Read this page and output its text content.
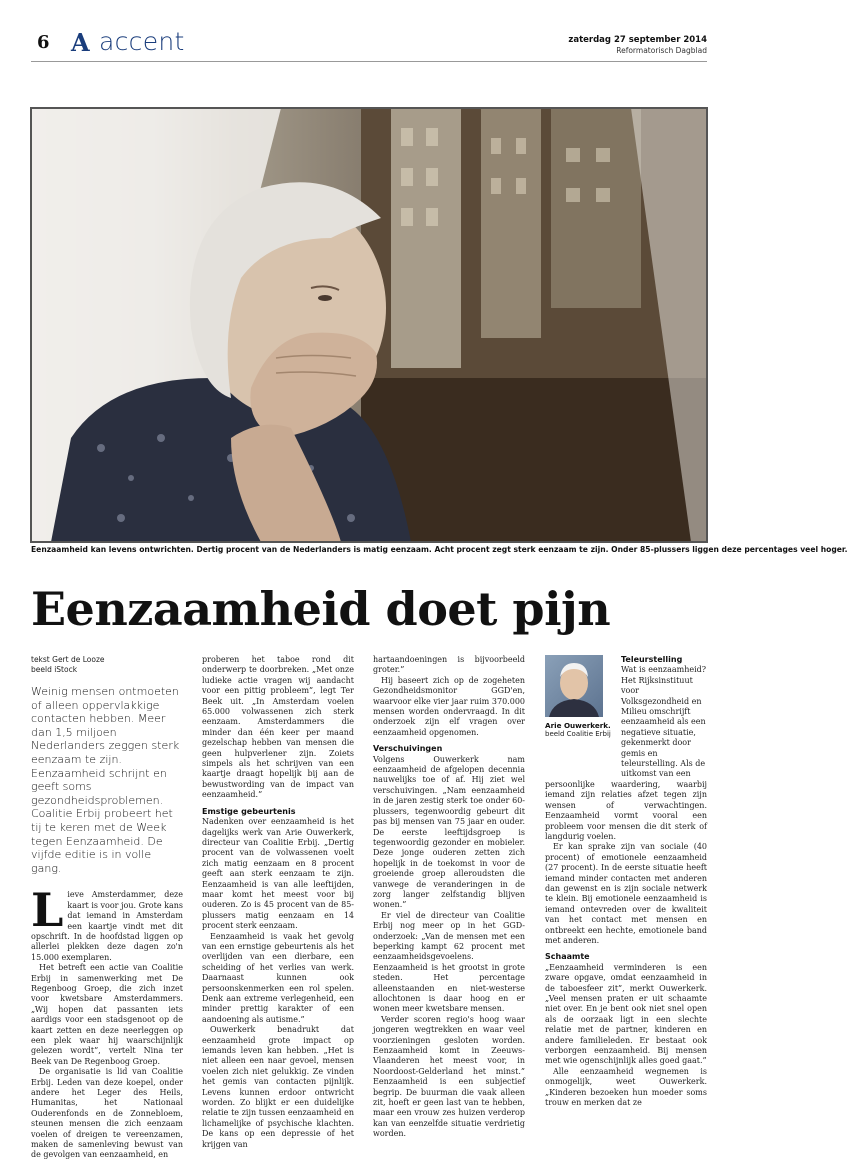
6 A accent	zaterdag 27 september 2014
Reformatorisch Dagblad
Eenzaamheid kan levens ontwrichten. Dertig procent van de Nederlanders is matig eenzaam. Acht procent zegt sterk eenzaam te zijn. Onder 85-plussers liggen deze percentages veel hoger.
Eenzaamheid doet pijn
tekst Gert de Looze
beeld iStock
Weinig mensen ontmoeten of alleen oppervlakkige contacten hebben. Meer dan 1,5 miljoen Nederlanders zeggen sterk eenzaam te zijn. Eenzaamheid schrijnt en geeft soms gezondheidsproblemen. Coalitie Erbij probeert het tij te keren met de Week tegen Eenzaamheid. De vijfde editie is in volle gang.

Lieve Amsterdammer, deze kaart is voor jou. Grote kans dat iemand in Amsterdam een kaartje vindt met dit opschrift. In de hoofdstad liggen op allerlei plekken deze dagen zo'n 15.000 exemplaren.

Het betreft een actie van Coalitie Erbij in samenwerking met De Regenboog Groep, die zich inzet voor kwetsbare Amsterdammers. „Wij hopen dat passanten iets aardigs voor een stadsgenoot op de kaart zetten en deze neerleggen op een plek waar hij waarschijnlijk gelezen wordt”, vertelt Nina ter Beek van De Regenboog Groep.

De organisatie is lid van Coalitie Erbij. Leden van deze koepel, onder andere het Leger des Heils, Humanitas, het Nationaal Ouderenfonds en de Zonnebloem, steunen mensen die zich eenzaam voelen of dreigen te vereenzamen, maken de samenleving bewust van de gevolgen van eenzaamheid, en

proberen het taboe rond dit onderwerp te doorbreken. „Met onze ludieke actie vragen wij aandacht voor een pittig probleem”, legt Ter Beek uit. „In Amsterdam voelen 65.000 volwassenen zich sterk eenzaam. Amsterdammers die minder dan één keer per maand gezelschap hebben van mensen die geen hulpverlener zijn. Zoiets simpels als het schrijven van een kaartje draagt hopelijk bij aan de bewustwording van de impact van eenzaamheid.”

Emstige gebeurtenis

Nadenken over eenzaamheid is het dagelijks werk van Arie Ouwerkerk, directeur van Coalitie Erbij. „Dertig procent van de volwassenen voelt zich matig eenzaam en 8 procent geeft aan sterk eenzaam te zijn. Eenzaamheid is van alle leeftijden, maar komt het meest voor bij ouderen. Zo is 45 procent van de 85-plussers matig eenzaam en 14 procent sterk eenzaam.

Eenzaamheid is vaak het gevolg van een ernstige gebeurtenis als het overlijden van een dierbare, een scheiding of het verlies van werk. Daarnaast kunnen ook persoonskenmerken een rol spelen. Denk aan extreme verlegenheid, een minder prettig karakter of een aandoening als autisme.”

Ouwerkerk benadrukt dat eenzaamheid grote impact op iemands leven kan hebben. „Het is niet alleen een naar gevoel, mensen voelen zich niet gelukkig. Ze vinden het gemis van contacten pijnlijk. Levens kunnen erdoor ontwricht worden. Zo blijkt er een duidelijke relatie te zijn tussen eenzaamheid en lichamelijke of psychische klachten. De kans op een depressie of het krijgen van

hartaandoeningen is bijvoorbeeld groter.”

Hij baseert zich op de zogeheten Gezondheidsmonitor GGD'en, waarvoor elke vier jaar ruim 370.000 mensen worden ondervraagd. In dit onderzoek zijn elf vragen over eenzaamheid opgenomen.

Verschuivingen

Volgens Ouwerkerk nam eenzaamheid de afgelopen decennia nauwelijks toe of af. Hij ziet wel verschuivingen. „Nam eenzaamheid in de jaren zestig sterk toe onder 60-plussers, tegenwoordig gebeurt dit pas bij mensen van 75 jaar en ouder. De eerste leeftijdsgroep is tegenwoordig gezonder en mobieler. Deze jonge ouderen zetten zich hopelijk in de toekomst in voor de groeiende groep alleroudsten die vanwege de veranderingen in de zorg langer zelfstandig blijven wonen.”

Er viel de directeur van Coalitie Erbij nog meer op in het GGD-onderzoek: „Van de mensen met een beperking kampt 62 procent met eenzaamheidsgevoelens. Eenzaamheid is het grootst in grote steden. Het percentage alleenstaanden en niet-westerse allochtonen is daar hoog en er wonen meer kwetsbare mensen.

Verder scoren regio's hoog waar jongeren wegtrekken en waar veel voorzieningen gesloten worden. Eenzaamheid komt in Zeeuws-Vlaanderen het meest voor, in Noordoost-Gelderland het minst.” Eenzaamheid is een subjectief begrip. De buurman die vaak alleen zit, hoeft er geen last van te hebben, maar een vrouw zes huizen verderop kan van eenzelfde situatie verdrietig worden.

Arie Ouwerkerk.
beeld Coalitie Erbij
Teleurstelling

Wat is eenzaamheid? Het Rijksinstituut voor Volksgezondheid en Milieu omschrijft eenzaamheid als een negatieve situatie, gekenmerkt door gemis en teleurstelling. Als de uitkomst van een

persoonlijke waardering, waarbij iemand zijn relaties afzet tegen zijn wensen of verwachtingen. Eenzaamheid vormt vooral een probleem voor mensen die dit sterk of langdurig voelen.

Er kan sprake zijn van sociale (40 procent) of emotionele eenzaamheid (27 procent). In de eerste situatie heeft iemand minder contacten met anderen dan gewenst en is zijn sociale netwerk te klein. Bij emotionele eenzaamheid is iemand ontevreden over de kwaliteit van het contact met mensen en ontbreekt een hechte, emotionele band met anderen.

Schaamte

„Eenzaamheid verminderen is een zware opgave, omdat eenzaamheid in de taboesfeer zit”, merkt Ouwerkerk. „Veel mensen praten er uit schaamte niet over. En je bent ook niet snel open als de oorzaak ligt in een slechte relatie met de partner, kinderen en andere familieleden. Er bestaat ook verborgen eenzaamheid. Bij mensen met wie ogenschijnlijk alles goed gaat.”

Alle eenzaamheid wegnemen is onmogelijk, weet Ouwerkerk. „Kinderen bezoeken hun moeder soms trouw en merken dat ze
